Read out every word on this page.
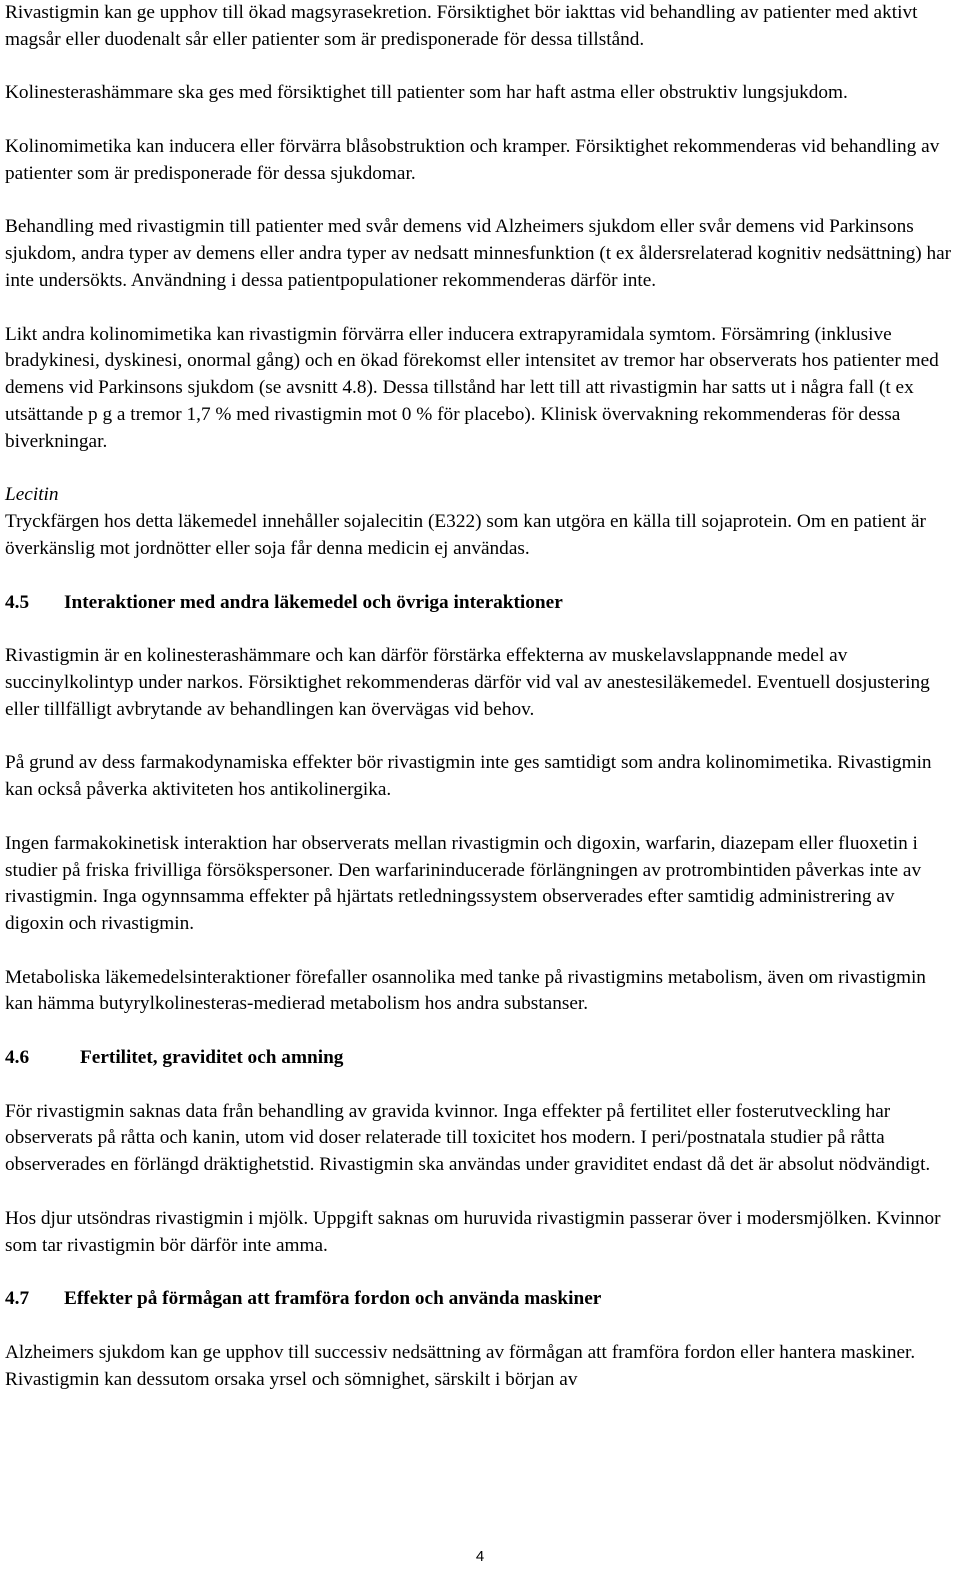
Rivastigmin kan ge upphov till ökad magsyrasekretion. Försiktighet bör iakttas vid behandling av patienter med aktivt magsår eller duodenalt sår eller patienter som är predisponerade för dessa tillstånd.

Kolinesterashämmare ska ges med försiktighet till patienter som har haft astma eller obstruktiv lungsjukdom.

Kolinomimetika kan inducera eller förvärra blåsobstruktion och kramper. Försiktighet rekommenderas vid behandling av patienter som är predisponerade för dessa sjukdomar.

Behandling med rivastigmin till patienter med svår demens vid Alzheimers sjukdom eller svår demens vid Parkinsons sjukdom, andra typer av demens eller andra typer av nedsatt minnesfunktion (t ex åldersrelaterad kognitiv nedsättning) har inte undersökts. Användning i dessa patientpopulationer rekommenderas därför inte.

Likt andra kolinomimetika kan rivastigmin förvärra eller inducera extrapyramidala symtom. Försämring (inklusive bradykinesi, dyskinesi, onormal gång) och en ökad förekomst eller intensitet av tremor har observerats hos patienter med demens vid Parkinsons sjukdom (se avsnitt 4.8). Dessa tillstånd har lett till att rivastigmin har satts ut i några fall (t ex utsättande p g a tremor 1,7 % med rivastigmin mot 0 % för placebo). Klinisk övervakning rekommenderas för dessa biverkningar.

Lecitin

Tryckfärgen hos detta läkemedel innehåller sojalecitin (E322) som kan utgöra en källa till sojaprotein. Om en patient är överkänslig mot jordnötter eller soja får denna medicin ej användas.

4.5	Interaktioner med andra läkemedel och övriga interaktioner

Rivastigmin är en kolinesterashämmare och kan därför förstärka effekterna av muskelavslappnande medel av succinylkolintyp under narkos. Försiktighet rekommenderas därför vid val av anestesiläkemedel. Eventuell dosjustering eller tillfälligt avbrytande av behandlingen kan övervägas vid behov.

På grund av dess farmakodynamiska effekter bör rivastigmin inte ges samtidigt som andra kolinomimetika. Rivastigmin kan också påverka aktiviteten hos antikolinergika.

Ingen farmakokinetisk interaktion har observerats mellan rivastigmin och digoxin, warfarin, diazepam eller fluoxetin i studier på friska frivilliga försökspersoner. Den warfarininducerade förlängningen av protrombintiden påverkas inte av rivastigmin. Inga ogynnsamma effekter på hjärtats retledningssystem observerades efter samtidig administrering av digoxin och rivastigmin.

Metaboliska läkemedelsinteraktioner förefaller osannolika med tanke på rivastigmins metabolism, även om rivastigmin kan hämma butyrylkolinesteras-medierad metabolism hos andra substanser.

4.6	Fertilitet, graviditet och amning

För rivastigmin saknas data från behandling av gravida kvinnor. Inga effekter på fertilitet eller fosterutveckling har observerats på råtta och kanin, utom vid doser relaterade till toxicitet hos modern. I peri/postnatala studier på råtta observerades en förlängd dräktighetstid. Rivastigmin ska användas under graviditet endast då det är absolut nödvändigt.

Hos djur utsöndras rivastigmin i mjölk. Uppgift saknas om huruvida rivastigmin passerar över i modersmjölken. Kvinnor som tar rivastigmin bör därför inte amma.

4.7	Effekter på förmågan att framföra fordon och använda maskiner

Alzheimers sjukdom kan ge upphov till successiv nedsättning av förmågan att framföra fordon eller hantera maskiner. Rivastigmin kan dessutom orsaka yrsel och sömnighet, särskilt i början av

4
